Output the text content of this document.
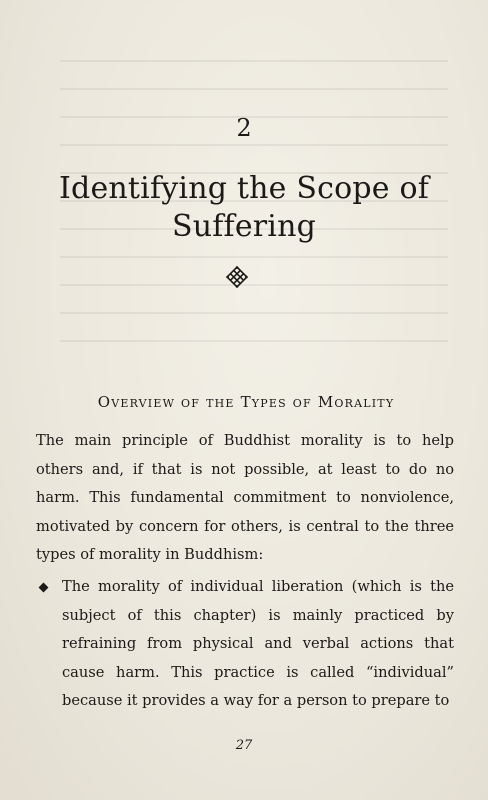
2
Identifying the Scope of Suffering
Overview of the Types of Morality

The main principle of Buddhist morality is to help others and, if that is not possible, at least to do no harm. This fundamental commitment to nonviolence, motivated by concern for others, is central to the three types of morality in Buddhism:

The morality of individual liberation (which is the subject of this chapter) is mainly practiced by refraining from physical and verbal actions that cause harm. This practice is called “individual” because it provides a way for a person to prepare to
27
